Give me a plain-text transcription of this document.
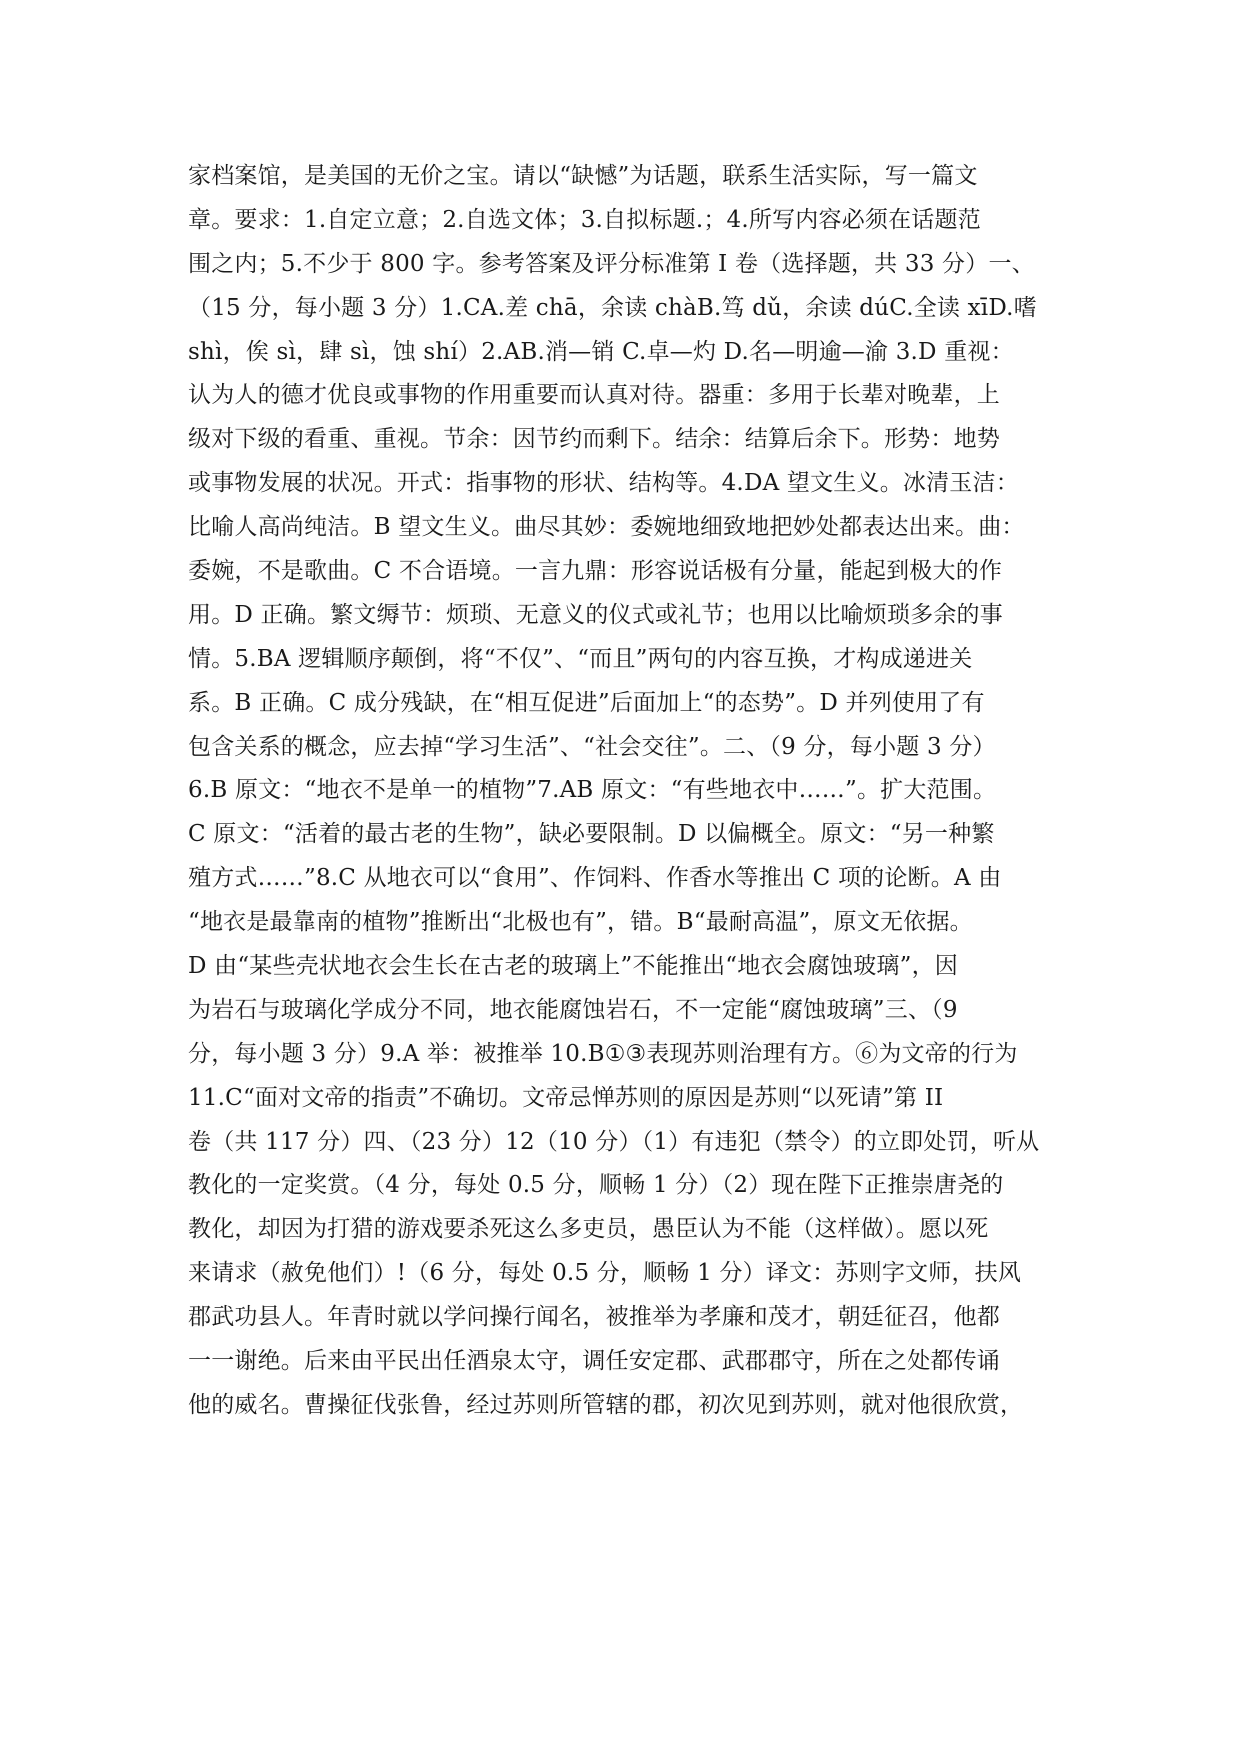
家档案馆，是美国的无价之宝。请以“缺憾”为话题，联系生活实际，写一篇文
章。要求：1.自定立意；2.自选文体；3.自拟标题.；4.所写内容必须在话题范
围之内；5.不少于 800 字。参考答案及评分标准第 I 卷（选择题，共 33 分）一、
（15 分，每小题 3 分）1.CA.差 chā，余读 chàB.笃 dǔ，余读 dúC.全读 xīD.嗜
shì，俟 sì，肆 sì，蚀 shí）2.AB.消—销 C.卓—灼 D.名—明逾—渝 3.D 重视：
认为人的德才优良或事物的作用重要而认真对待。器重：多用于长辈对晚辈，上
级对下级的看重、重视。节余：因节约而剩下。结余：结算后余下。形势：地势
或事物发展的状况。开式：指事物的形状、结构等。4.DA 望文生义。冰清玉洁：
比喻人高尚纯洁。B 望文生义。曲尽其妙：委婉地细致地把妙处都表达出来。曲：
委婉，不是歌曲。C 不合语境。一言九鼎：形容说话极有分量，能起到极大的作
用。D 正确。繁文缛节：烦琐、无意义的仪式或礼节；也用以比喻烦琐多余的事
情。5.BA 逻辑顺序颠倒，将“不仅”、“而且”两句的内容互换，才构成递进关
系。B 正确。C 成分残缺，在“相互促进”后面加上“的态势”。D 并列使用了有
包含关系的概念，应去掉“学习生活”、“社会交往”。二、（9 分，每小题 3 分）
6.B 原文：“地衣不是单一的植物”7.AB 原文：“有些地衣中……”。扩大范围。
C 原文：“活着的最古老的生物”，缺必要限制。D 以偏概全。原文：“另一种繁
殖方式……”8.C 从地衣可以“食用”、作饲料、作香水等推出 C 项的论断。A 由
“地衣是最靠南的植物”推断出“北极也有”，错。B“最耐高温”，原文无依据。
D 由“某些壳状地衣会生长在古老的玻璃上”不能推出“地衣会腐蚀玻璃”，因
为岩石与玻璃化学成分不同，地衣能腐蚀岩石，不一定能“腐蚀玻璃”三、（9
分，每小题 3 分）9.A 举：被推举 10.B①③表现苏则治理有方。⑥为文帝的行为
11.C“面对文帝的指责”不确切。文帝忌惮苏则的原因是苏则“以死请”第 II
卷（共 117 分）四、（23 分）12（10 分）（1）有违犯（禁令）的立即处罚，听从
教化的一定奖赏。（4 分，每处 0.5 分，顺畅 1 分）（2）现在陛下正推崇唐尧的
教化，却因为打猎的游戏要杀死这么多吏员，愚臣认为不能（这样做）。愿以死
来请求（赦免他们）!（6 分，每处 0.5 分，顺畅 1 分）译文：苏则字文师，扶风
郡武功县人。年青时就以学问操行闻名，被推举为孝廉和茂才，朝廷征召，他都
一一谢绝。后来由平民出任酒泉太守，调任安定郡、武郡郡守，所在之处都传诵
他的威名。曹操征伐张鲁，经过苏则所管辖的郡，初次见到苏则，就对他很欣赏，
